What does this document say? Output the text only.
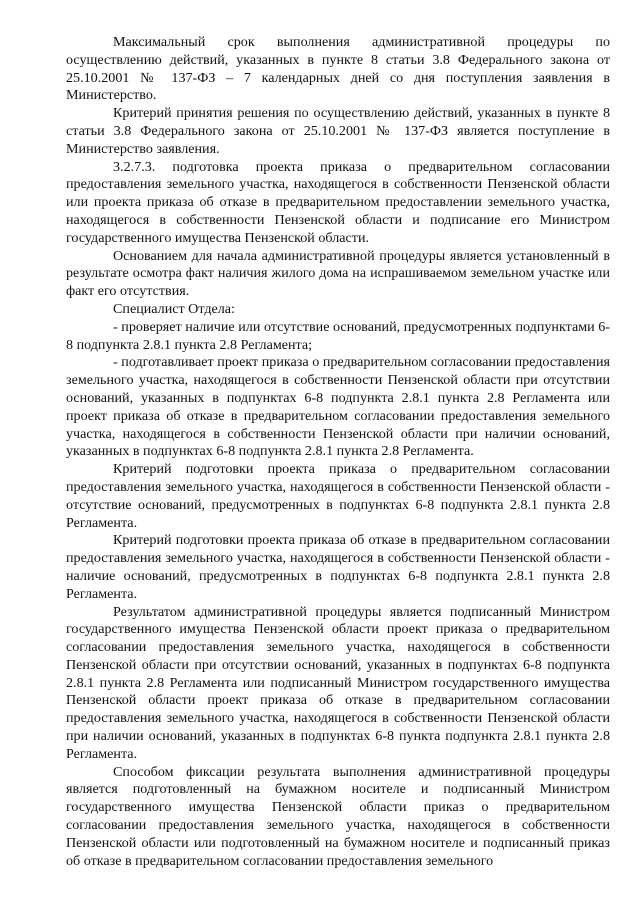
Максимальный срок выполнения административной процедуры по осуществлению действий, указанных в пункте 8 статьи 3.8 Федерального закона от 25.10.2001 № 137-ФЗ – 7 календарных дней со дня поступления заявления в Министерство.

Критерий принятия решения по осуществлению действий, указанных в пункте 8 статьи 3.8 Федерального закона от 25.10.2001 № 137-ФЗ является поступление в Министерство заявления.

3.2.7.3. подготовка проекта приказа о предварительном согласовании предоставления земельного участка, находящегося в собственности Пензенской области или проекта приказа об отказе в предварительном предоставлении земельного участка, находящегося в собственности Пензенской области и подписание его Министром государственного имущества Пензенской области.

Основанием для начала административной процедуры является установленный в результате осмотра факт наличия жилого дома на испрашиваемом земельном участке или факт его отсутствия.

Специалист Отдела:

- проверяет наличие или отсутствие оснований, предусмотренных подпунктами 6-8 подпункта 2.8.1 пункта 2.8 Регламента;

- подготавливает проект приказа о предварительном согласовании предоставления земельного участка, находящегося в собственности Пензенской области при отсутствии оснований, указанных в подпунктах 6-8 подпункта 2.8.1 пункта 2.8 Регламента или проект приказа об отказе в предварительном согласовании предоставления земельного участка, находящегося в собственности Пензенской области при наличии оснований, указанных в подпунктах 6-8 подпункта 2.8.1 пункта 2.8 Регламента.

Критерий подготовки проекта приказа о предварительном согласовании предоставления земельного участка, находящегося в собственности Пензенской области - отсутствие оснований, предусмотренных в подпунктах 6-8 подпункта 2.8.1 пункта 2.8 Регламента.

Критерий подготовки проекта приказа об отказе в предварительном согласовании предоставления земельного участка, находящегося в собственности Пензенской области - наличие оснований, предусмотренных в подпунктах 6-8 подпункта 2.8.1 пункта 2.8 Регламента.

Результатом административной процедуры является подписанный Министром государственного имущества Пензенской области проект приказа о предварительном согласовании предоставления земельного участка, находящегося в собственности Пензенской области при отсутствии оснований, указанных в подпунктах 6-8 подпункта 2.8.1 пункта 2.8 Регламента или подписанный Министром государственного имущества Пензенской области проект приказа об отказе в предварительном согласовании предоставления земельного участка, находящегося в собственности Пензенской области при наличии оснований, указанных в подпунктах 6-8 пункта подпункта 2.8.1 пункта 2.8 Регламента.

Способом фиксации результата выполнения административной процедуры является подготовленный на бумажном носителе и подписанный Министром государственного имущества Пензенской области приказ о предварительном согласовании предоставления земельного участка, находящегося в собственности Пензенской области или подготовленный на бумажном носителе и подписанный приказ об отказе в предварительном согласовании предоставления земельного
